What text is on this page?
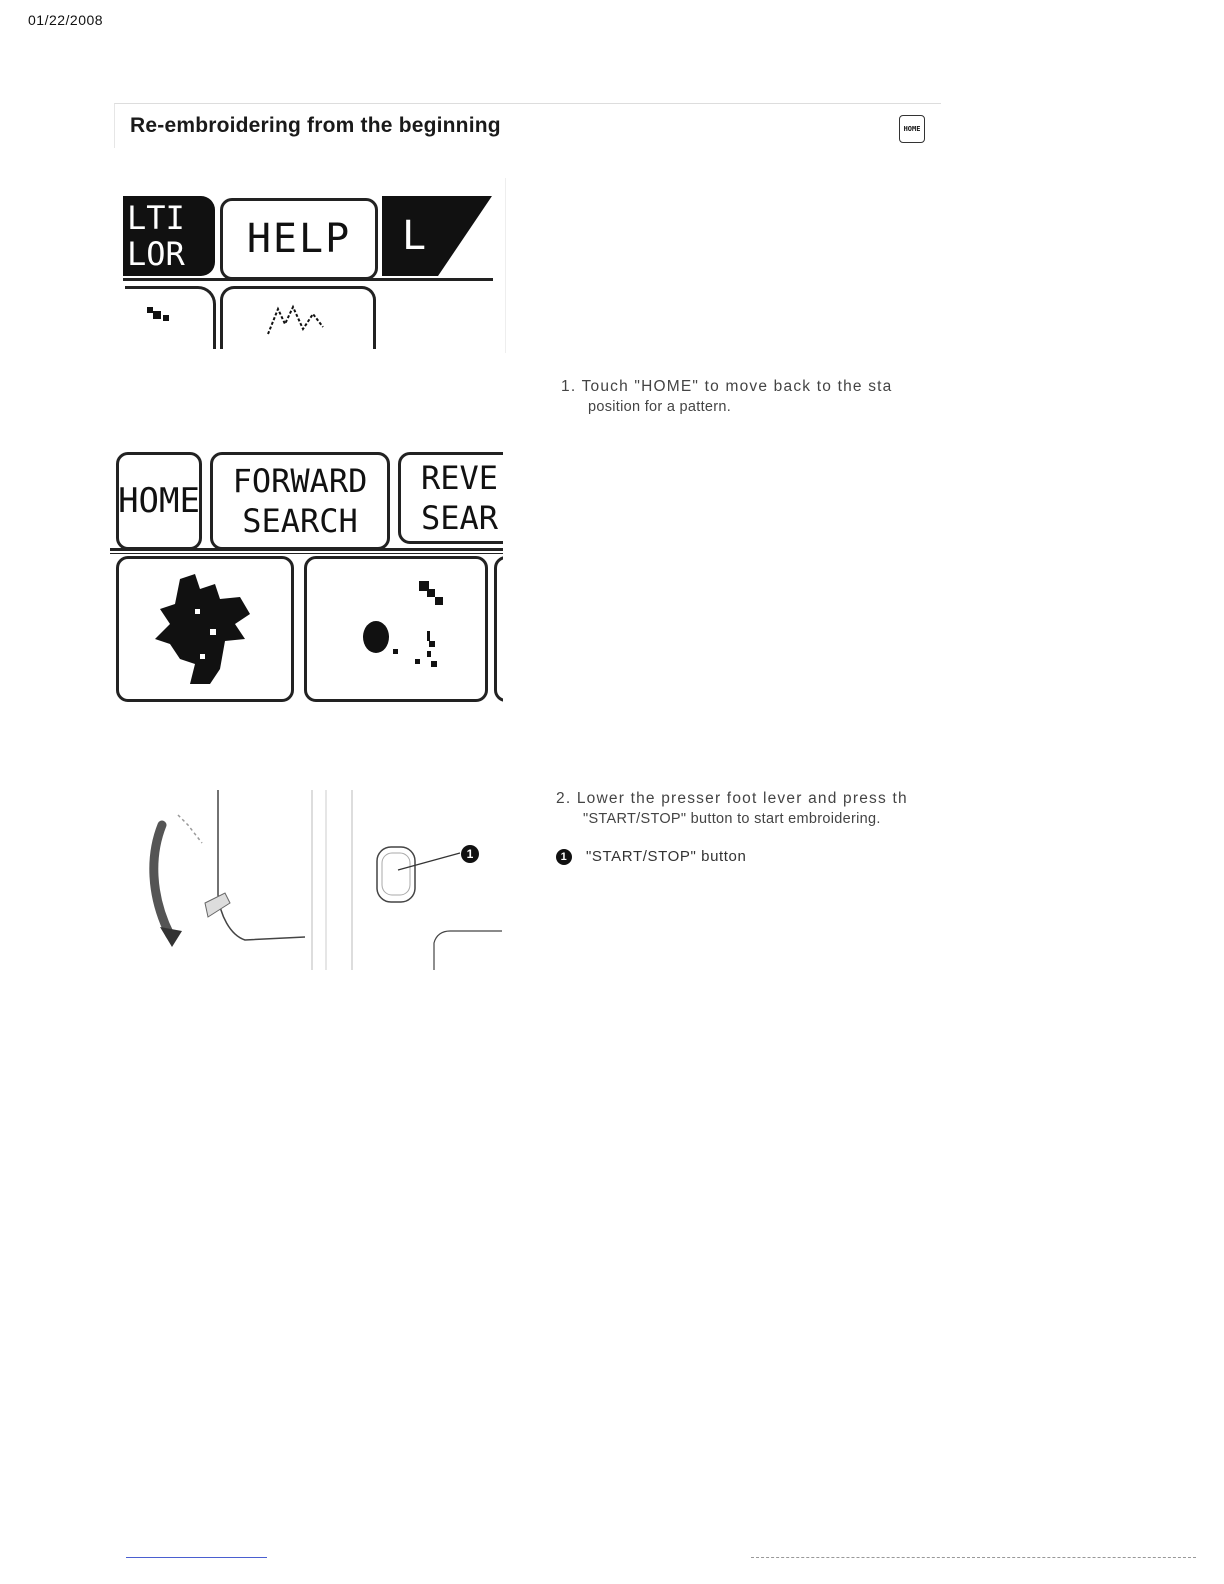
01/22/2008
Re-embroidering from the beginning	HOME
LTI
LOR	HELP	L
1. Touch "HOME" to move back to the sta
position for a pattern.
HOME FORWARD
SEARCH
REVE
SEAR
1
2. Lower the presser foot lever and press th
"START/STOP" button to start embroidering.
1	"START/STOP" button
